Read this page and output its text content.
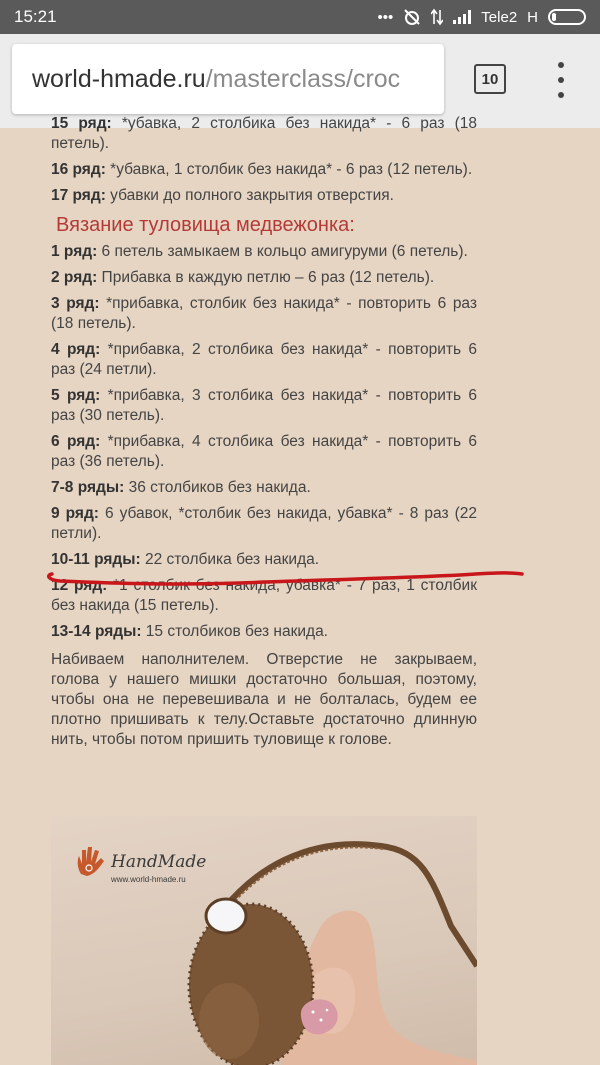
15:21	•••	Tele2 H
world-hmade.ru /masterclass/croc	10

15 ряд: *убавка, 2 столбика без накида* - 6 раз (18 петель).

16 ряд: *убавка, 1 столбик без накида* - 6 раз (12 петель).

17 ряд: убавки до полного закрытия отверстия.

Вязание туловища медвежонка:

1 ряд: 6 петель замыкаем в кольцо амигуруми (6 петель).

2 ряд: Прибавка в каждую петлю – 6 раз (12 петель).

3 ряд: *прибавка, столбик без накида* - повторить 6 раз (18 петель).

4 ряд: *прибавка, 2 столбика без накида* - повторить 6 раз (24 петли).

5 ряд: *прибавка, 3 столбика без накида* - повторить 6 раз (30 петель).

6 ряд: *прибавка, 4 столбика без накида* - повторить 6 раз (36 петель).

7-8 ряды: 36 столбиков без накида.

9 ряд: 6 убавок, *столбик без накида, убавка* - 8 раз (22 петли).

10-11 ряды: 22 столбика без накида.

12 ряд: *1 столбик без накида, убавка* - 7 раз, 1 столбик без накида (15 петель).

13-14 ряды: 15 столбиков без накида.

Набиваем наполнителем. Отверстие не закрываем, голова у нашего мишки достаточно большая, поэтому, чтобы она не перевешивала и не болталась, будем ее плотно пришивать к телу.Оставьте достаточно длинную нить, чтобы потом пришить туловище к голове.

HandMade
www.world-hmade.ru
